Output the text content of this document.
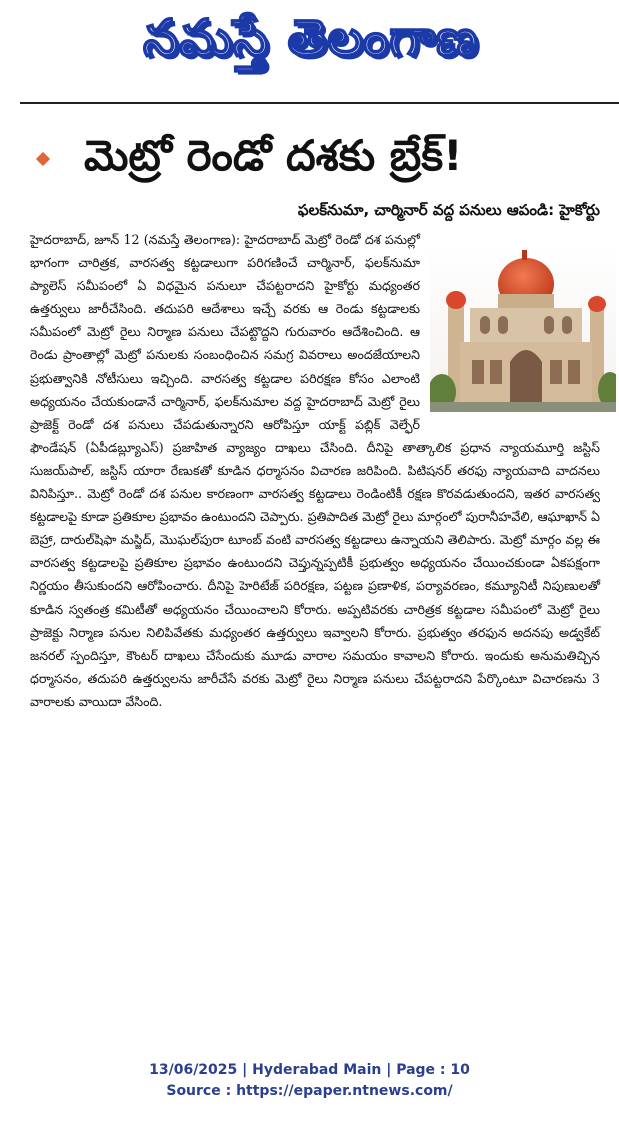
నమస్తే తెలంగాణ
మెట్రో రెండో దశకు బ్రేక్!
ఫలక్‌నుమా, చార్మినార్ వద్ద పనులు ఆపండి: హైకోర్టు
హైదరాబాద్, జూన్ 12 (నమస్తే తెలంగాణ): హైదరాబాద్ మెట్రో రెండో దశ పనుల్లో భాగంగా చారిత్రక, వారసత్వ కట్టడాలుగా పరిగణించే చార్మినార్, ఫలక్‌నుమా ప్యాలెస్ సమీపంలో ఏ విధమైన పనులూ చేపట్టరాదని హైకోర్టు మధ్యంతర ఉత్తర్వులు జారీచేసింది. తదుపరి ఆదేశాలు ఇచ్చే వరకు ఆ రెండు కట్టడాలకు సమీపంలో మెట్రో రైలు నిర్మాణ పనులు చేపట్టొద్దని గురువారం ఆదేశించింది. ఆ రెండు ప్రాంతాల్లో మెట్రో పనులకు సంబంధించిన సమగ్ర వివరాలు అందజేయాలని ప్రభుత్వానికి నోటీసులు ఇచ్చింది. వారసత్వ కట్టడాల పరిరక్షణ కోసం ఎలాంటి అధ్యయనం చేయకుండానే చార్మినార్, ఫలక్‌నుమాల వద్ద హైదరాబాద్ మెట్రో రైలు ప్రాజెక్ట్ రెండో దశ పనులు చేపడుతున్నారని ఆరోపిస్తూ యాక్ట్ పబ్లిక్ వెల్ఫేర్ ఫౌండేషన్ (ఏపీడబ్ల్యూఎస్) ప్రజాహిత వ్యాజ్యం దాఖలు చేసింది. దీనిపై తాత్కాలిక ప్రధాన న్యాయమూర్తి జస్టిస్ సుజయ్‌పాల్, జస్టిస్ యారా రేణుకతో కూడిన ధర్మాసనం విచారణ జరిపింది. పిటిషనర్ తరఫు న్యాయవాది వాదనలు వినిపిస్తూ.. మెట్రో రెండో దశ పనుల కారణంగా వారసత్వ కట్టడాలు రెండింటికీ రక్షణ కొరవడుతుందని, ఇతర వారసత్వ కట్టడాలపై కూడా ప్రతికూల ప్రభావం ఉంటుందని చెప్పారు. ప్రతిపాదిత మెట్రో రైలు మార్గంలో పురానీహవేలి, ఆఘాఖాన్ ఏ బెహ్రా, దారుల్‌షిఫా మస్జిద్, మొఘల్‌పురా టూంబ్ వంటి వారసత్వ కట్టడాలు ఉన్నాయని తెలిపారు. మెట్రో మార్గం వల్ల ఈ వారసత్వ కట్టడాలపై ప్రతికూల ప్రభావం ఉంటుందని చెప్తున్నప్పటికీ ప్రభుత్వం అధ్యయనం చేయించకుండా ఏకపక్షంగా నిర్ణయం తీసుకుందని ఆరోపించారు. దీనిపై హెరిటేజ్ పరిరక్షణ, పట్టణ ప్రణాళిక, పర్యావరణం, కమ్యూనిటీ నిపుణులతో కూడిన స్వతంత్ర కమిటీతో అధ్యయనం చేయించాలని కోరారు. అప్పటివరకు చారిత్రక కట్టడాల సమీపంలో మెట్రో రైలు ప్రాజెక్టు నిర్మాణ పనుల నిలిపివేతకు మధ్యంతర ఉత్తర్వులు ఇవ్వాలని కోరారు. ప్రభుత్వం తరఫున అదనపు అడ్వకేట్ జనరల్ స్పందిస్తూ, కౌంటర్ దాఖలు చేసేందుకు మూడు వారాల సమయం కావాలని కోరారు. ఇందుకు అనుమతిచ్చిన ధర్మాసనం, తదుపరి ఉత్తర్వులను జారీచేసే వరకు మెట్రో రైలు నిర్మాణ పనులు చేపట్టరాదని పేర్కొంటూ విచారణను 3 వారాలకు వాయిదా వేసింది.
13/06/2025 | Hyderabad Main | Page : 10
Source : https://epaper.ntnews.com/
